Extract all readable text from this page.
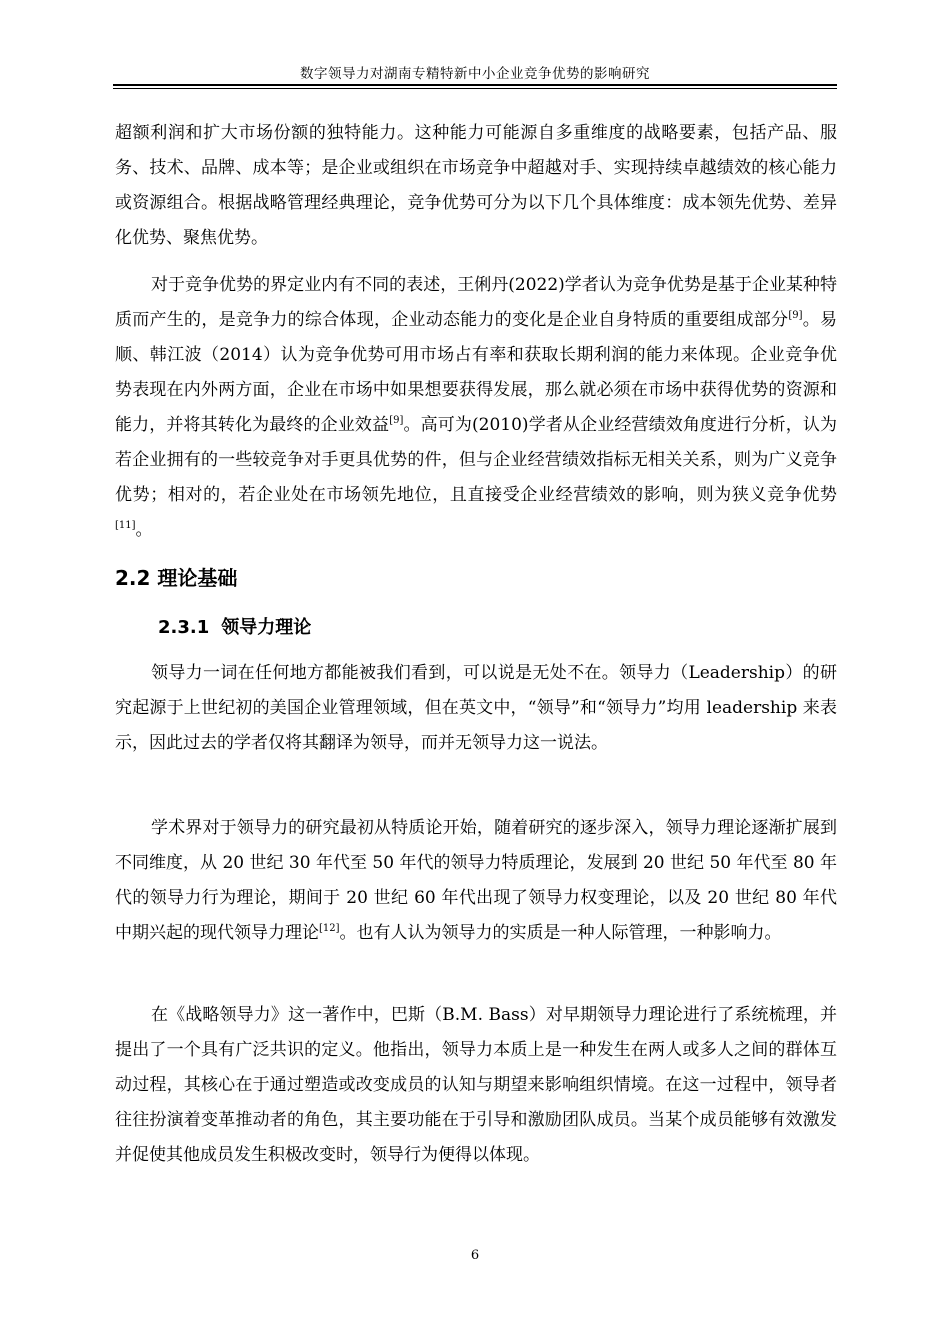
数字领导力对湖南专精特新中小企业竞争优势的影响研究

超额利润和扩大市场份额的独特能力。这种能力可能源自多重维度的战略要素，包括产品、服务、技术、品牌、成本等；是企业或组织在市场竞争中超越对手、实现持续卓越绩效的核心能力或资源组合。根据战略管理经典理论，竞争优势可分为以下几个具体维度：成本领先优势、差异化优势、聚焦优势。

对于竞争优势的界定业内有不同的表述，王俐丹(2022)学者认为竞争优势是基于企业某种特质而产生的，是竞争力的综合体现，企业动态能力的变化是企业自身特质的重要组成部分[9]。易顺、韩江波（2014）认为竞争优势可用市场占有率和获取长期利润的能力来体现。企业竞争优势表现在内外两方面，企业在市场中如果想要获得发展，那么就必须在市场中获得优势的资源和能力，并将其转化为最终的企业效益[9]。高可为(2010)学者从企业经营绩效角度进行分析，认为若企业拥有的一些较竞争对手更具优势的件，但与企业经营绩效指标无相关关系，则为广义竞争优势；相对的，若企业处在市场领先地位，且直接受企业经营绩效的影响，则为狭义竞争优势[11]。

2.2 理论基础
2.3.1 领导力理论

领导力一词在任何地方都能被我们看到，可以说是无处不在。领导力（Leadership）的研究起源于上世纪初的美国企业管理领域，但在英文中，“领导”和“领导力”均用 leadership 来表示，因此过去的学者仅将其翻译为领导，而并无领导力这一说法。

学术界对于领导力的研究最初从特质论开始，随着研究的逐步深入，领导力理论逐渐扩展到不同维度，从 20 世纪 30 年代至 50 年代的领导力特质理论，发展到 20 世纪 50 年代至 80 年代的领导力行为理论，期间于 20 世纪 60 年代出现了领导力权变理论，以及 20 世纪 80 年代中期兴起的现代领导力理论[12]。也有人认为领导力的实质是一种人际管理，一种影响力。

在《战略领导力》这一著作中，巴斯（B.M. Bass）对早期领导力理论进行了系统梳理，并提出了一个具有广泛共识的定义。他指出，领导力本质上是一种发生在两人或多人之间的群体互动过程，其核心在于通过塑造或改变成员的认知与期望来影响组织情境。在这一过程中，领导者往往扮演着变革推动者的角色，其主要功能在于引导和激励团队成员。当某个成员能够有效激发并促使其他成员发生积极改变时，领导行为便得以体现。

6
